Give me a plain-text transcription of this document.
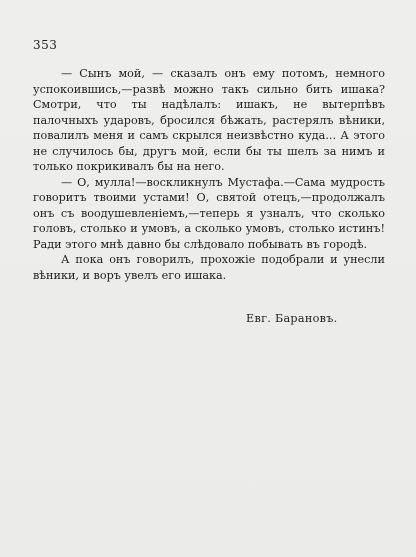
353

— Сынъ мой, — сказалъ онъ ему потомъ, немного успокоившись,—развѣ можно такъ сильно бить ишака? Смотри, что ты надѣлалъ: ишакъ, не вытерпѣвъ палочныхъ ударовъ, бросился бѣжать, растерялъ вѣники, повалилъ меня и самъ скрылся неизвѣстно куда... А этого не случилось бы, другъ мой, если бы ты шелъ за нимъ и только покрикивалъ бы на него.

— О, мулла!—воскликнулъ Мустафа.—Сама мудрость говоритъ твоими устами! О, святой отецъ,—продолжалъ онъ съ воодушевленіемъ,—теперь я узналъ, что сколько головъ, столько и умовъ, а сколько умовъ, столько истинъ! Ради этого мнѣ давно бы слѣдовало побывать въ городѣ.

А пока онъ говорилъ, прохожіе подобрали и унесли вѣники, и воръ увелъ его ишака.

Евг. Барановъ.
